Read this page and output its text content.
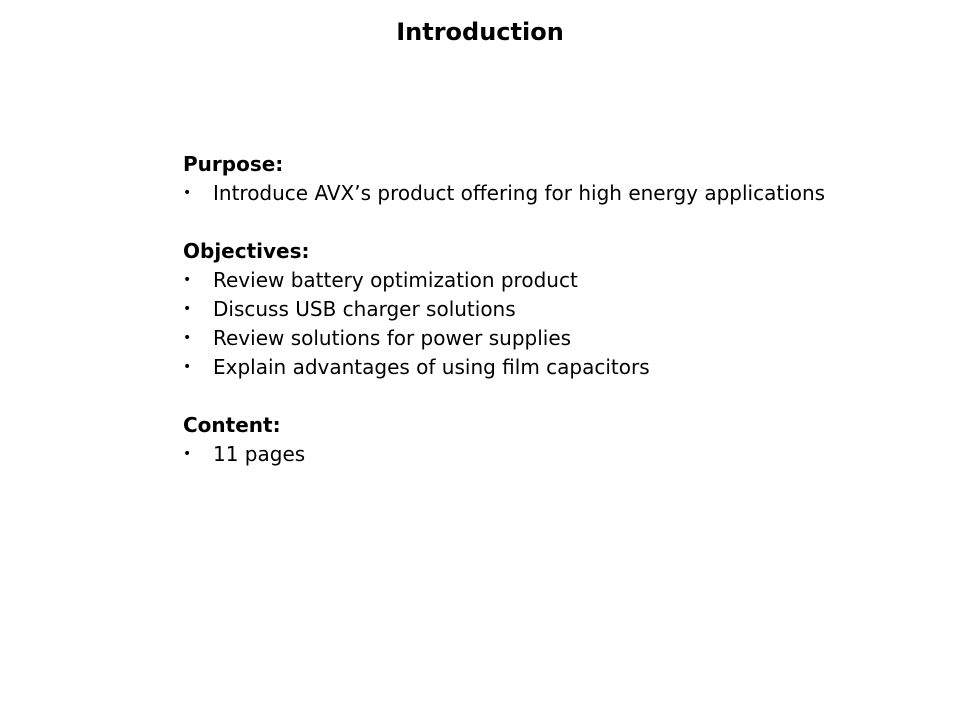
Introduction

Purpose:

• Introduce AVX’s product offering for high energy applications

Objectives:

• Review battery optimization product
• Discuss USB charger solutions
• Review solutions for power supplies
• Explain advantages of using film capacitors

Content:

• 11 pages
